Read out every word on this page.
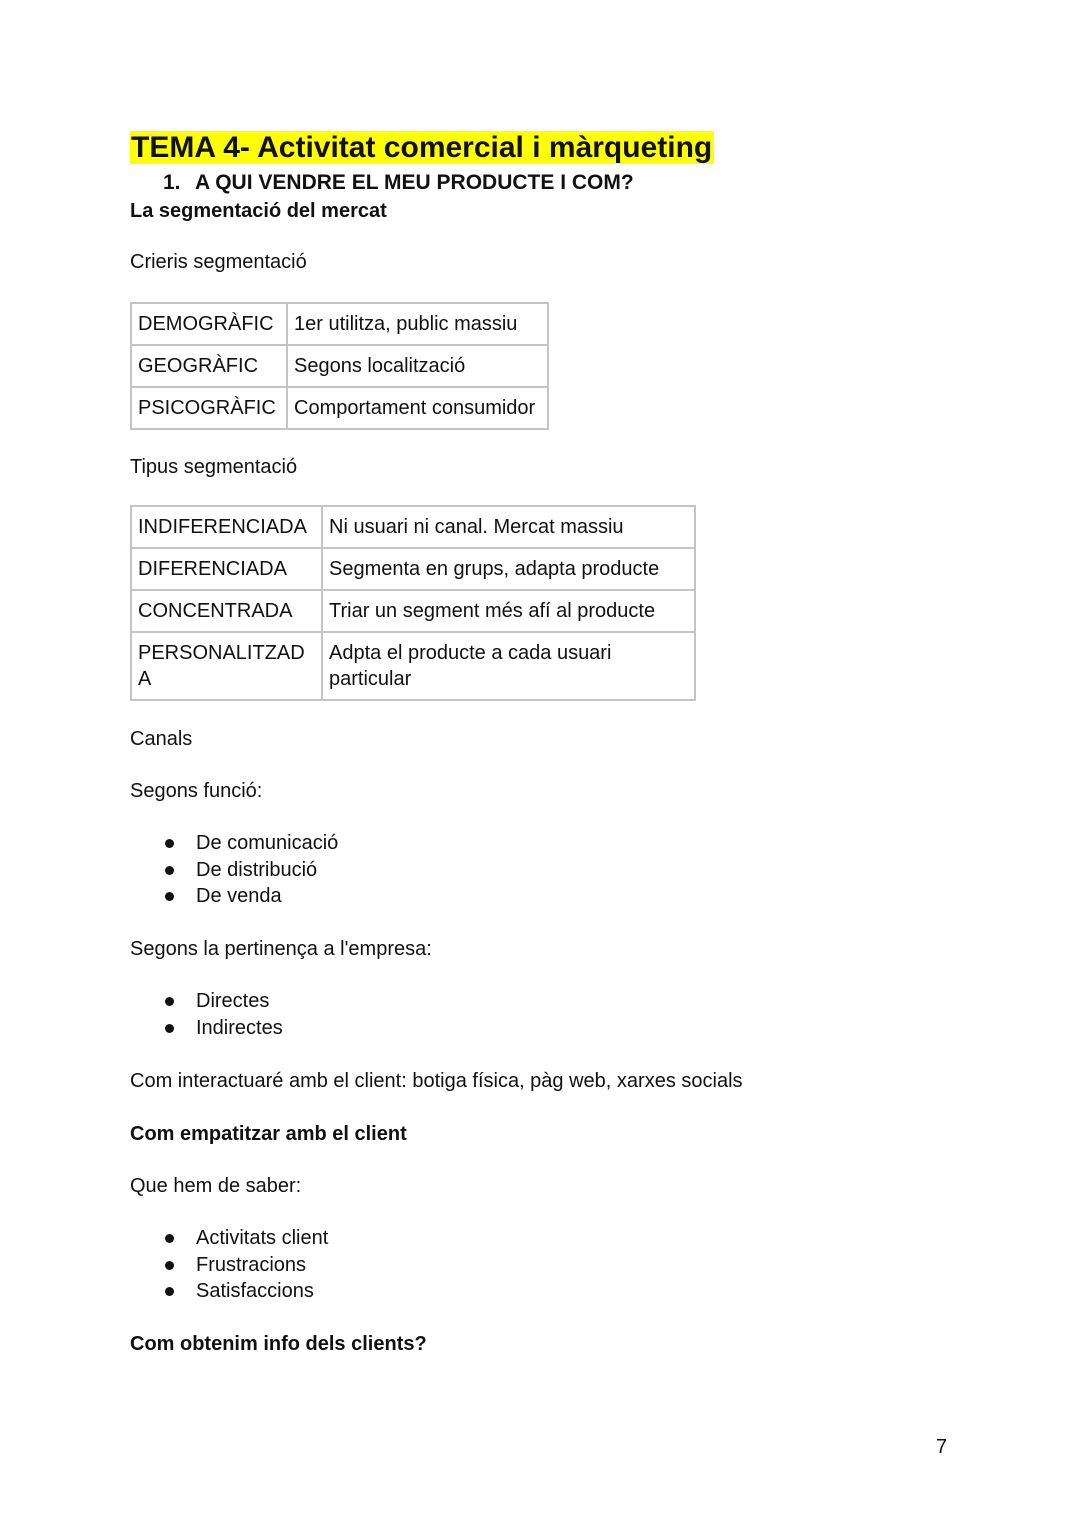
TEMA 4- Activitat comercial i màrqueting
1. A QUI VENDRE EL MEU PRODUCTE I COM?
La segmentació del mercat

Crieris segmentació

DEMOGRÀFIC	1er utilitza, public massiu
GEOGRÀFIC	Segons localització
PSICOGRÀFIC	Comportament consumidor

Tipus segmentació

INDIFERENCIADA	Ni usuari ni canal. Mercat massiu
DIFERENCIADA	Segmenta en grups, adapta producte
CONCENTRADA	Triar un segment més afí al producte
PERSONALITZADA	Adpta el producte a cada usuari particular

Canals

Segons funció:

De comunicació
De distribució
De venda

Segons la pertinença a l'empresa:

Directes
Indirectes

Com interactuaré amb el client: botiga física, pàg web, xarxes socials

Com empatitzar amb el client

Que hem de saber:

Activitats client
Frustracions
Satisfaccions

Com obtenim info dels clients?

7
